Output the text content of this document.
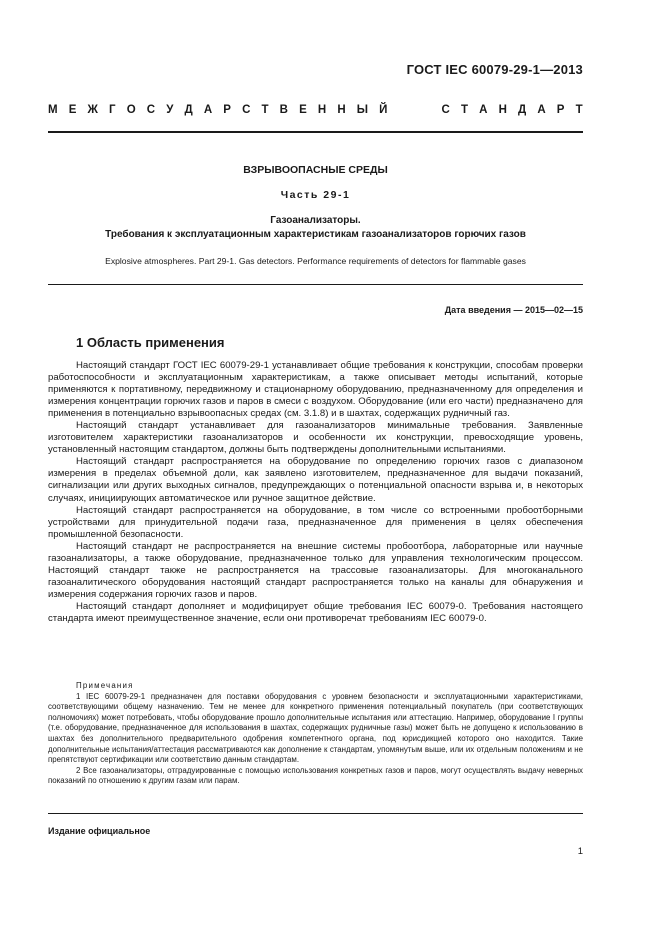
ГОСТ IEC 60079-29-1—2013
М Е Ж Г О С У Д А Р С Т В Е Н Н Ы Й

	С Т А Н Д А Р Т
ВЗРЫВООПАСНЫЕ СРЕДЫ
Часть 29-1
Газоанализаторы.
Требования к эксплуатационным характеристикам газоанализаторов горючих газов
Explosive atmospheres. Part 29-1. Gas detectors. Performance requirements of detectors for flammable gases
Дата введения — 2015—02—15
1 Область применения

Настоящий стандарт ГОСТ IEC 60079-29-1 устанавливает общие требования к конструкции, способам проверки работоспособности и эксплуатационным характеристикам, а также описывает методы испытаний, которые применяются к портативному, передвижному и стационарному оборудованию, предназначенному для определения и измерения концентрации горючих газов и паров в смеси с воздухом. Оборудование (или его части) предназначено для применения в потенциально взрывоопасных средах (см. 3.1.8) и в шахтах, содержащих рудничный газ.

Настоящий стандарт устанавливает для газоанализаторов минимальные требования. Заявленные изготовителем характеристики газоанализаторов и особенности их конструкции, превосходящие уровень, установленный настоящим стандартом, должны быть подтверждены дополнительными испытаниями.

Настоящий стандарт распространяется на оборудование по определению горючих газов с диапазоном измерения в пределах объемной доли, как заявлено изготовителем, предназначенное для выдачи показаний, сигнализации или других выходных сигналов, предупреждающих о потенциальной опасности взрыва и, в некоторых случаях, инициирующих автоматическое или ручное защитное действие.

Настоящий стандарт распространяется на оборудование, в том числе со встроенными пробоотборными устройствами для принудительной подачи газа, предназначенное для применения в целях обеспечения промышленной безопасности.

Настоящий стандарт не распространяется на внешние системы пробоотбора, лабораторные или научные газоанализаторы, а также оборудование, предназначенное только для управления технологическим процессом. Настоящий стандарт также не распространяется на трассовые газоанализаторы. Для многоканального газоаналитического оборудования настоящий стандарт распространяется только на каналы для обнаружения и измерения содержания горючих газов и паров.

Настоящий стандарт дополняет и модифицирует общие требования IEC 60079-0. Требования настоящего стандарта имеют преимущественное значение, если они противоречат требованиям IEC 60079-0.

Примечания

1 IEC 60079-29-1 предназначен для поставки оборудования с уровнем безопасности и эксплуатационными характеристиками, соответствующими общему назначению. Тем не менее для конкретного применения потенциальный покупатель (при соответствующих полномочиях) может потребовать, чтобы оборудование прошло дополнительные испытания или аттестацию. Например, оборудование I группы (т.е. оборудование, предназначенное для использования в шахтах, содержащих рудничные газы) может быть не допущено к использованию в шахтах без дополнительного предварительного одобрения компетентного органа, под юрисдикцией которого оно находится. Такие дополнительные испытания/аттестация рассматриваются как дополнение к стандартам, упомянутым выше, или их отдельным положениям и не препятствуют сертификации или соответствию данным стандартам.

2 Все газоанализаторы, отградуированные с помощью использования конкретных газов и паров, могут осуществлять выдачу неверных показаний по отношению к другим газам или парам.

Издание официальное
1
